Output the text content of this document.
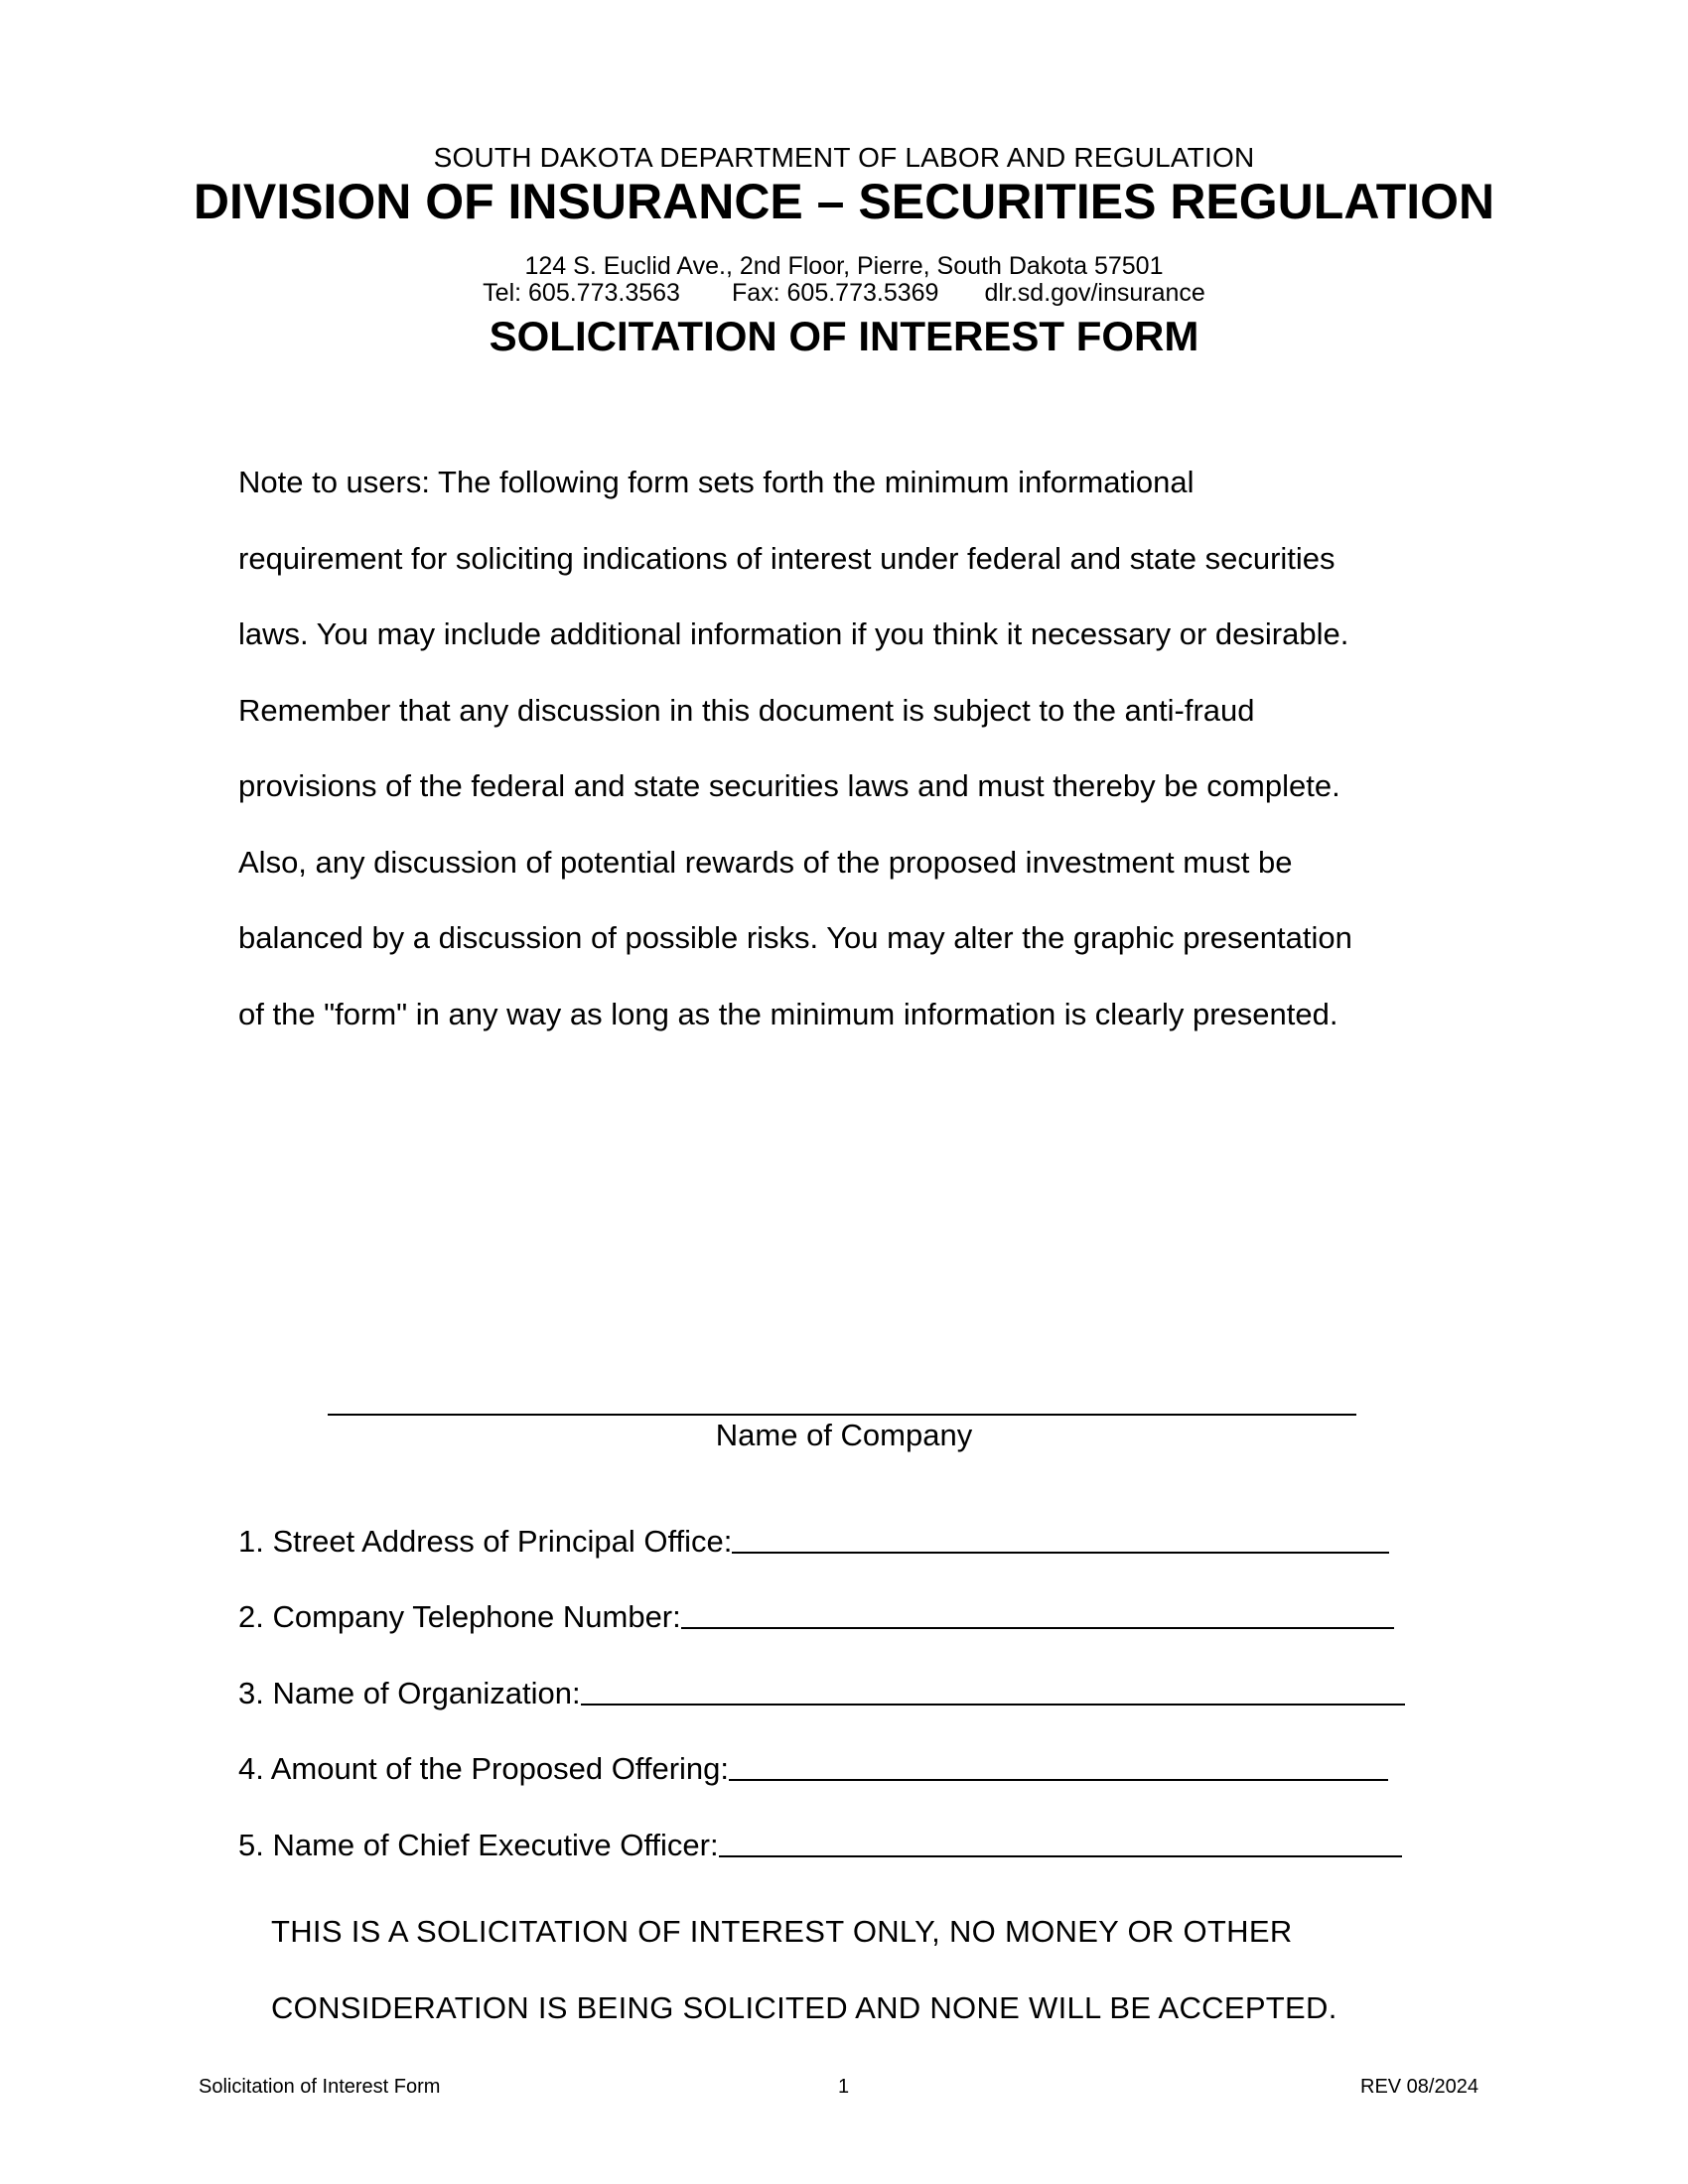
SOUTH DAKOTA DEPARTMENT OF LABOR AND REGULATION
DIVISION OF INSURANCE – SECURITIES REGULATION
124 S. Euclid Ave., 2nd Floor, Pierre, South Dakota 57501
Tel: 605.773.3563 Fax: 605.773.5369 dlr.sd.gov/insurance
SOLICITATION OF INTEREST FORM
Note to users: The following form sets forth the minimum informational
requirement for soliciting indications of interest under federal and state securities
laws. You may include additional information if you think it necessary or desirable.
Remember that any discussion in this document is subject to the anti-fraud
provisions of the federal and state securities laws and must thereby be complete.
Also, any discussion of potential rewards of the proposed investment must be
balanced by a discussion of possible risks. You may alter the graphic presentation
of the "form" in any way as long as the minimum information is clearly presented.
Name of Company
1. Street Address of Principal Office:
2. Company Telephone Number:
3. Name of Organization:
4. Amount of the Proposed Offering:
5. Name of Chief Executive Officer:
THIS IS A SOLICITATION OF INTEREST ONLY, NO MONEY OR OTHER
CONSIDERATION IS BEING SOLICITED AND NONE WILL BE ACCEPTED.
Solicitation of Interest Form	1	REV 08/2024
